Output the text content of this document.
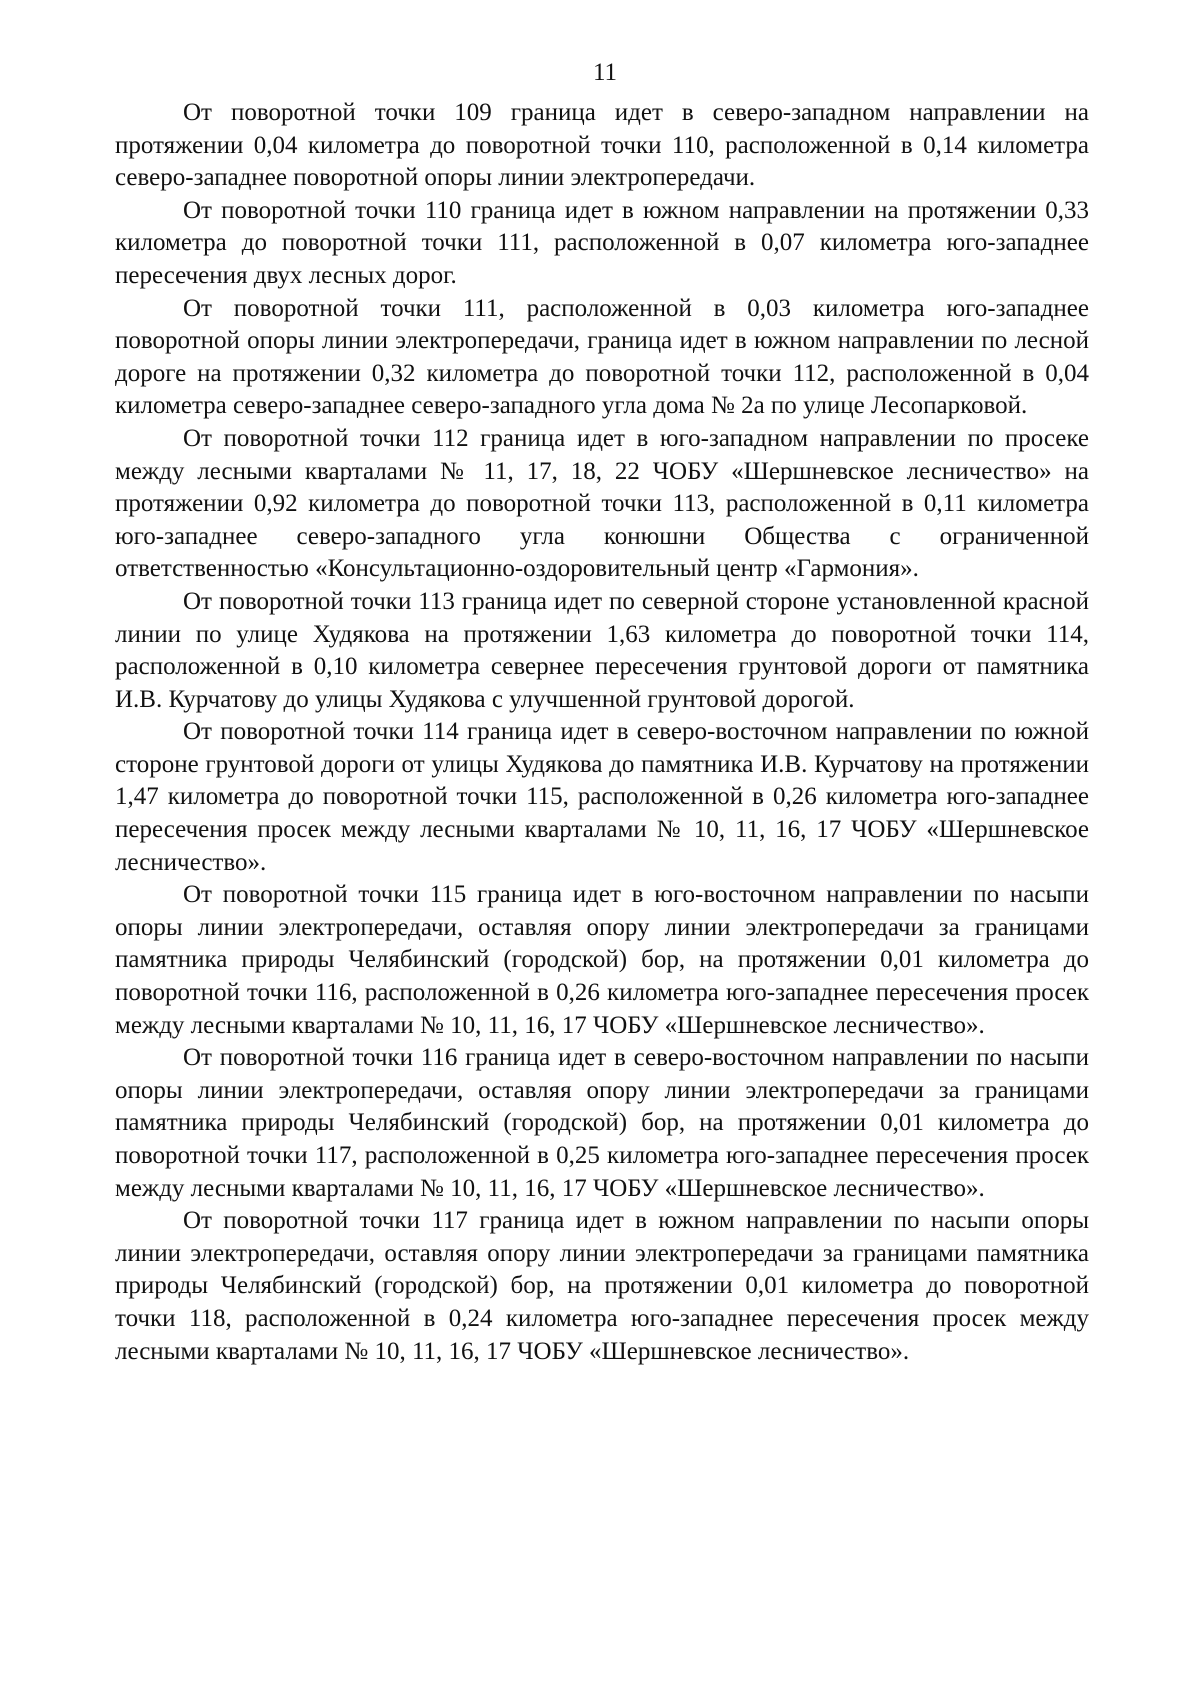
11

От поворотной точки 109 граница идет в северо-западном направлении на протяжении 0,04 километра до поворотной точки 110, расположенной в 0,14 километра северо-западнее поворотной опоры линии электропередачи.

От поворотной точки 110 граница идет в южном направлении на протяжении 0,33 километра до поворотной точки 111, расположенной в 0,07 километра юго-западнее пересечения двух лесных дорог.

От поворотной точки 111, расположенной в 0,03 километра юго-западнее поворотной опоры линии электропередачи, граница идет в южном направлении по лесной дороге на протяжении 0,32 километра до поворотной точки 112, расположенной в 0,04 километра северо-западнее северо-западного угла дома № 2а по улице Лесопарковой.

От поворотной точки 112 граница идет в юго-западном направлении по просеке между лесными кварталами № 11, 17, 18, 22 ЧОБУ «Шершневское лесничество» на протяжении 0,92 километра до поворотной точки 113, расположенной в 0,11 километра юго-западнее северо-западного угла конюшни Общества с ограниченной ответственностью «Консультационно-оздоровительный центр «Гармония».

От поворотной точки 113 граница идет по северной стороне установленной красной линии по улице Худякова на протяжении 1,63 километра до поворотной точки 114, расположенной в 0,10 километра севернее пересечения грунтовой дороги от памятника И.В. Курчатову до улицы Худякова с улучшенной грунтовой дорогой.

От поворотной точки 114 граница идет в северо-восточном направлении по южной стороне грунтовой дороги от улицы Худякова до памятника И.В. Курчатову на протяжении 1,47 километра до поворотной точки 115, расположенной в 0,26 километра юго-западнее пересечения просек между лесными кварталами № 10, 11, 16, 17 ЧОБУ «Шершневское лесничество».

От поворотной точки 115 граница идет в юго-восточном направлении по насыпи опоры линии электропередачи, оставляя опору линии электропередачи за границами памятника природы Челябинский (городской) бор, на протяжении 0,01 километра до поворотной точки 116, расположенной в 0,26 километра юго-западнее пересечения просек между лесными кварталами № 10, 11, 16, 17 ЧОБУ «Шершневское лесничество».

От поворотной точки 116 граница идет в северо-восточном направлении по насыпи опоры линии электропередачи, оставляя опору линии электропередачи за границами памятника природы Челябинский (городской) бор, на протяжении 0,01 километра до поворотной точки 117, расположенной в 0,25 километра юго-западнее пересечения просек между лесными кварталами № 10, 11, 16, 17 ЧОБУ «Шершневское лесничество».

От поворотной точки 117 граница идет в южном направлении по насыпи опоры линии электропередачи, оставляя опору линии электропередачи за границами памятника природы Челябинский (городской) бор, на протяжении 0,01 километра до поворотной точки 118, расположенной в 0,24 километра юго-западнее пересечения просек между лесными кварталами № 10, 11, 16, 17 ЧОБУ «Шершневское лесничество».
